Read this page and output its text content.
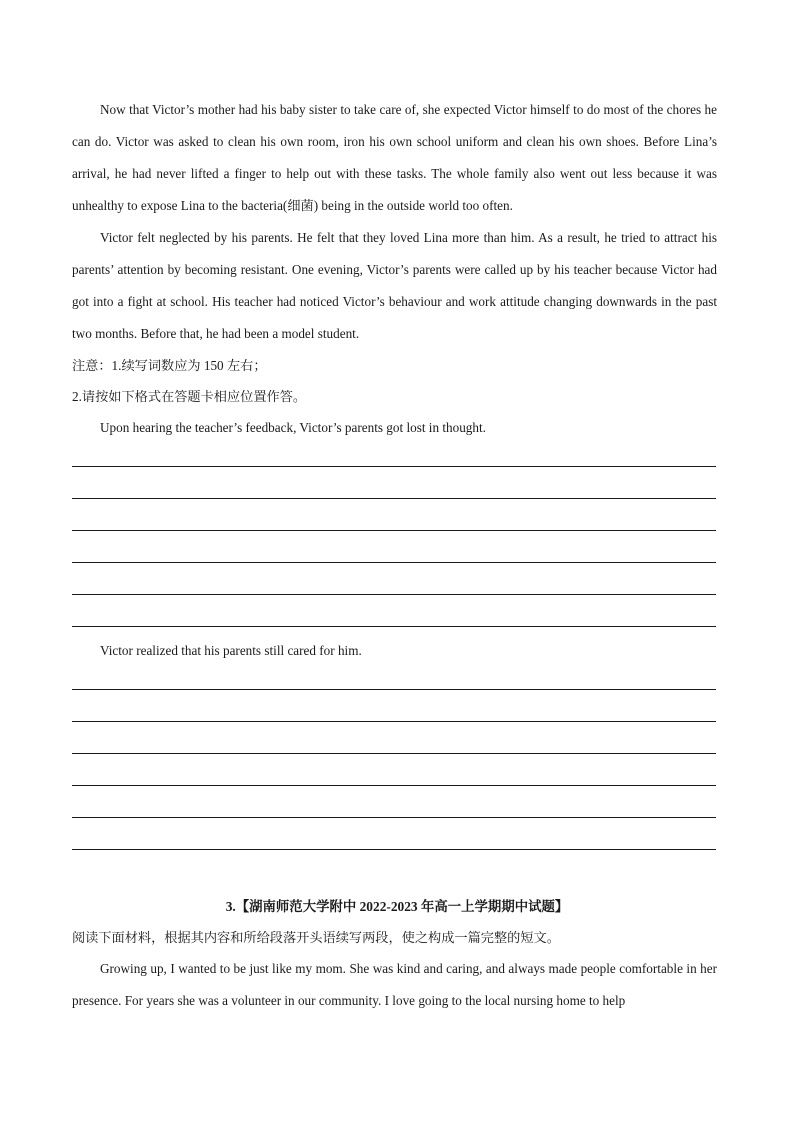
Now that Victor’s mother had his baby sister to take care of, she expected Victor himself to do most of the chores he can do. Victor was asked to clean his own room, iron his own school uniform and clean his own shoes. Before Lina’s arrival, he had never lifted a finger to help out with these tasks. The whole family also went out less because it was unhealthy to expose Lina to the bacteria(细菌) being in the outside world too often.

Victor felt neglected by his parents. He felt that they loved Lina more than him. As a result, he tried to attract his parents’ attention by becoming resistant. One evening, Victor’s parents were called up by his teacher because Victor had got into a fight at school. His teacher had noticed Victor’s behaviour and work attitude changing downwards in the past two months. Before that, he had been a model student.

注意：1.续写词数应为 150 左右；

2.请按如下格式在答题卡相应位置作答。

Upon hearing the teacher’s feedback, Victor’s parents got lost in thought.

Victor realized that his parents still cared for him.

3.【湖南师范大学附中 2022-2023 年高一上学期期中试题】

阅读下面材料，根据其内容和所给段落开头语续写两段，使之构成一篇完整的短文。

Growing up, I wanted to be just like my mom. She was kind and caring, and always made people comfortable in her presence. For years she was a volunteer in our community. I love going to the local nursing home to help
